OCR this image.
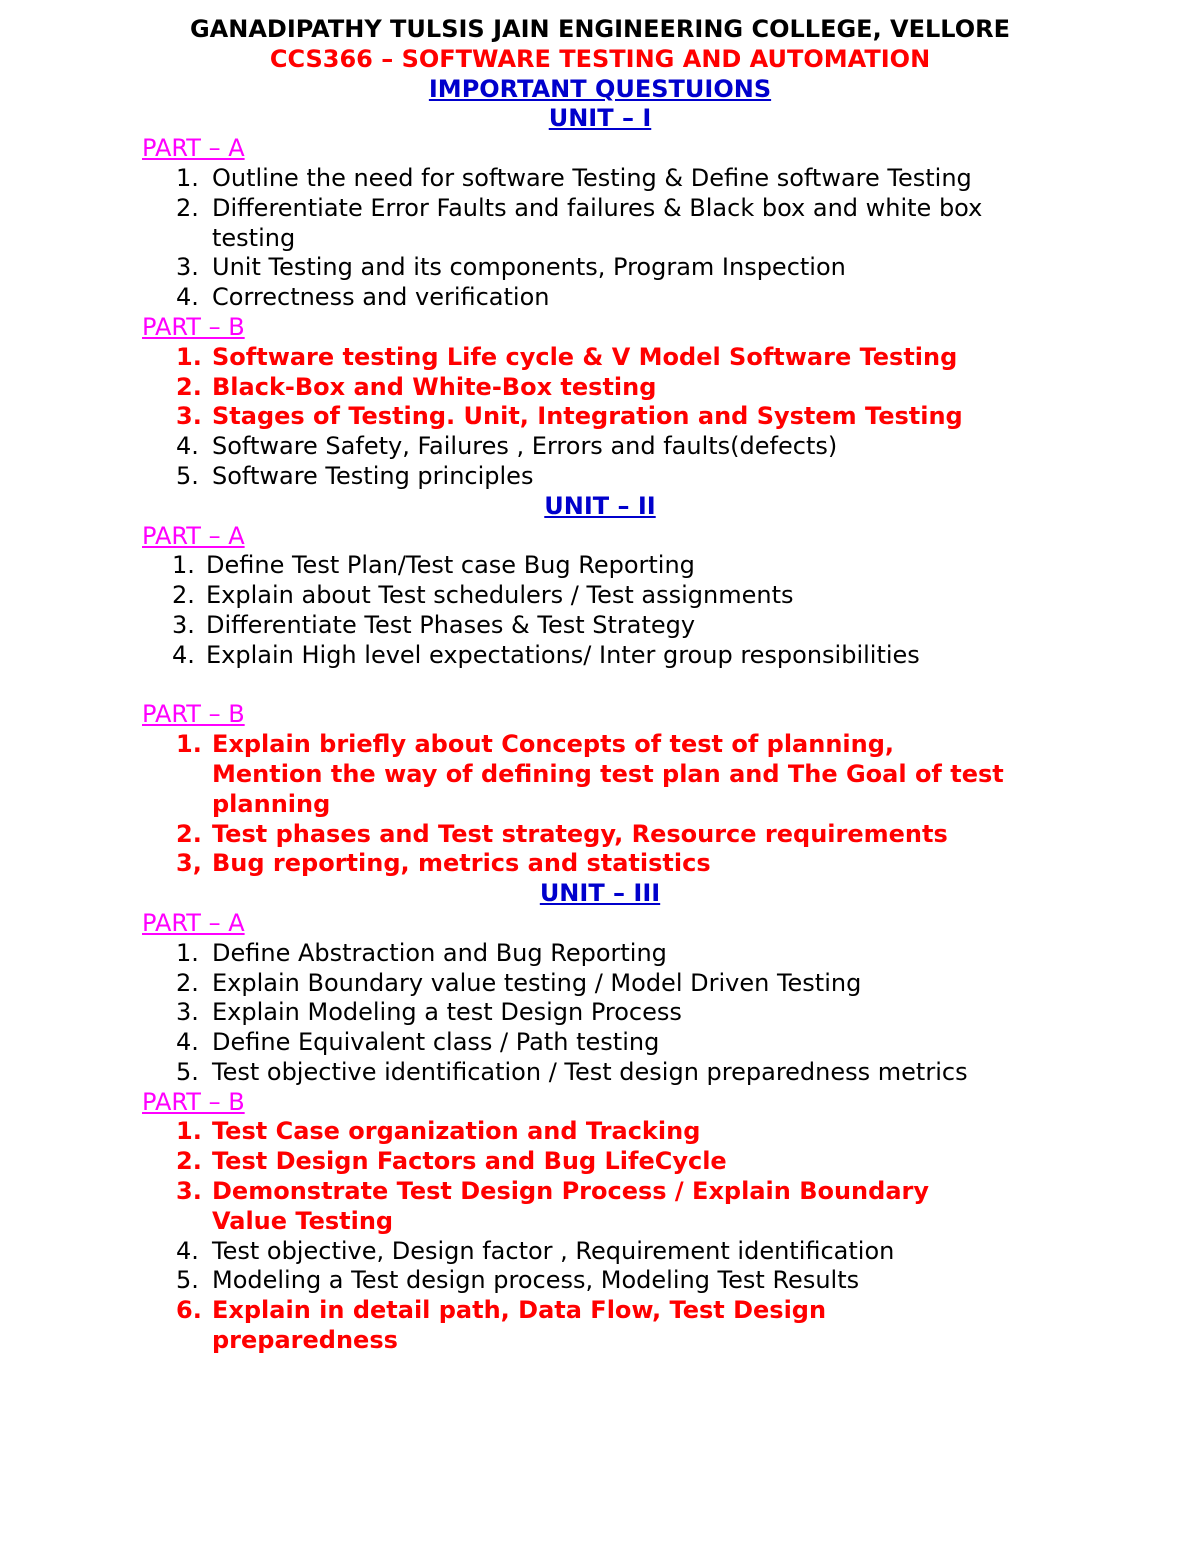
GANADIPATHY TULSIS JAIN ENGINEERING COLLEGE, VELLORE
CCS366 – SOFTWARE TESTING AND AUTOMATION
IMPORTANT QUESTUIONS
UNIT – I
PART – A
1. Outline the need for software Testing & Define software Testing
2. Differentiate Error Faults and failures & Black box and white box
testing
3. Unit Testing and its components, Program Inspection
4. Correctness and verification
PART – B
1. Software testing Life cycle & V Model Software Testing
2. Black-Box and White-Box testing
3. Stages of Testing. Unit, Integration and System Testing
4. Software Safety, Failures , Errors and faults(defects)
5. Software Testing principles
UNIT – II
PART – A
1. Define Test Plan/Test case Bug Reporting
2. Explain about Test schedulers / Test assignments
3. Differentiate Test Phases & Test Strategy
4. Explain High level expectations/ Inter group responsibilities
PART – B
1. Explain briefly about Concepts of test of planning,
Mention the way of defining test plan and The Goal of test
planning
2. Test phases and Test strategy, Resource requirements
3, Bug reporting, metrics and statistics
UNIT – III
PART – A
1. Define Abstraction and Bug Reporting
2. Explain Boundary value testing / Model Driven Testing
3. Explain Modeling a test Design Process
4. Define Equivalent class / Path testing
5. Test objective identification / Test design preparedness metrics
PART – B
1. Test Case organization and Tracking
2. Test Design Factors and Bug LifeCycle
3. Demonstrate Test Design Process / Explain Boundary
Value Testing
4. Test objective, Design factor , Requirement identification
5. Modeling a Test design process, Modeling Test Results
6. Explain in detail path, Data Flow, Test Design
preparedness
